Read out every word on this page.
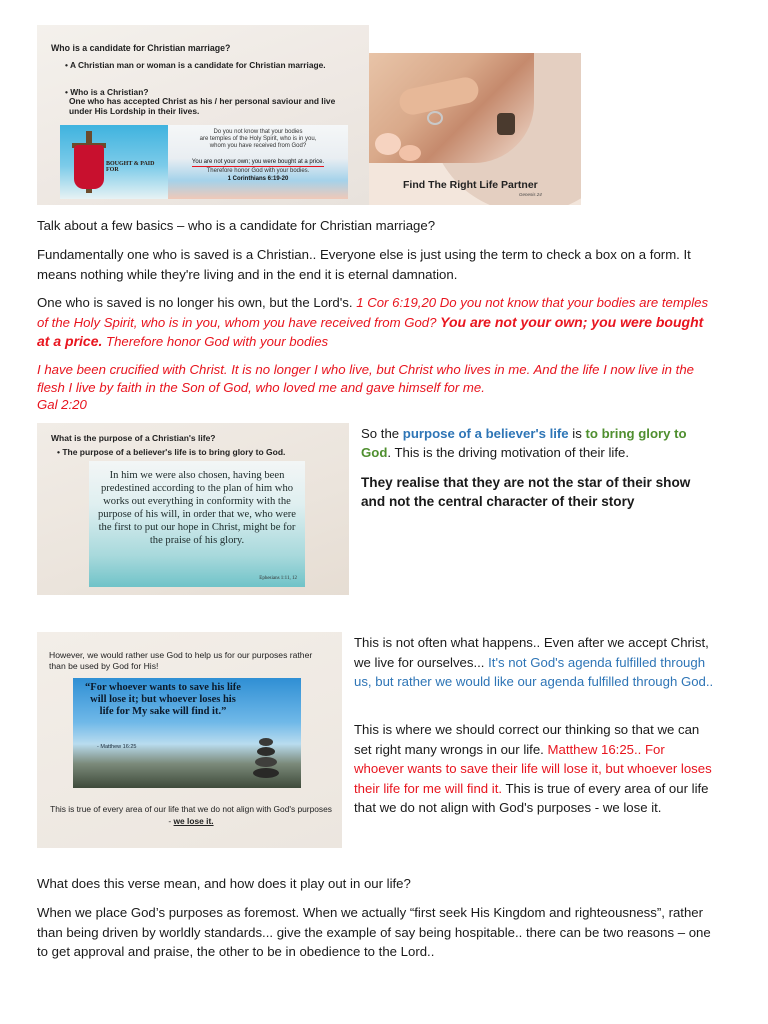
Who is a candidate for Christian marriage?
• A Christian man or woman is a candidate for Christian marriage.
• Who is a Christian?
One who has accepted Christ as his / her personal saviour and live under His Lordship in their lives.
BOUGHT & PAID FOR
Do you not know that your bodies
are temples of the Holy Spirit, who is in you,
whom you have received from God?
You are not your own; you were bought at a price.
Therefore honor God with your bodies.
1 Corinthians 6:19-20	Find The Right Life Partner
Genesis 24

Talk about a few basics – who is a candidate for Christian marriage?

Fundamentally one who is saved is a Christian.. Everyone else is just using the term to check a box on a form. It means nothing while they're living and in the end it is eternal damnation.

One who is saved is no longer his own, but the Lord's. 1 Cor 6:19,20 Do you not know that your bodies are temples of the Holy Spirit, who is in you, whom you have received from God? You are not your own; you were bought at a price. Therefore honor God with your bodies

I have been crucified with Christ. It is no longer I who live, but Christ who lives in me. And the life I now live in the flesh I live by faith in the Son of God, who loved me and gave himself for me.

Gal 2:20

What is the purpose of a Christian's life?
• The purpose of a believer's life is to bring glory to God.
In him we were also chosen, having been predestined according to the plan of him who works out everything in conformity with the purpose of his will, in order that we, who were the first to put our hope in Christ, might be for the praise of his glory.
Ephesians 1:11, 12

So the purpose of a believer's life is to bring glory to God. This is the driving motivation of their life.

They realise that they are not the star of their show and not the central character of their story

However, we would rather use God to help us for our purposes rather than be used by God for His!
“For whoever wants to save his life will lose it; but whoever loses his life for My sake will find it.”
- Matthew 16:25
This is true of every area of our life that we do not align with God's purposes - we lose it.

This is not often what happens.. Even after we accept Christ, we live for ourselves... It's not God's agenda fulfilled through us, but rather we would like our agenda fulfilled through God..

This is where we should correct our thinking so that we can set right many wrongs in our life. Matthew 16:25.. For whoever wants to save their life will lose it, but whoever loses their life for me will find it. This is true of every area of our life that we do not align with God's purposes - we lose it.

What does this verse mean, and how does it play out in our life?

When we place God’s purposes as foremost. When we actually “first seek His Kingdom and righteousness”, rather than being driven by worldly standards... give the example of say being hospitable.. there can be two reasons – one to get approval and praise, the other to be in obedience to the Lord..
